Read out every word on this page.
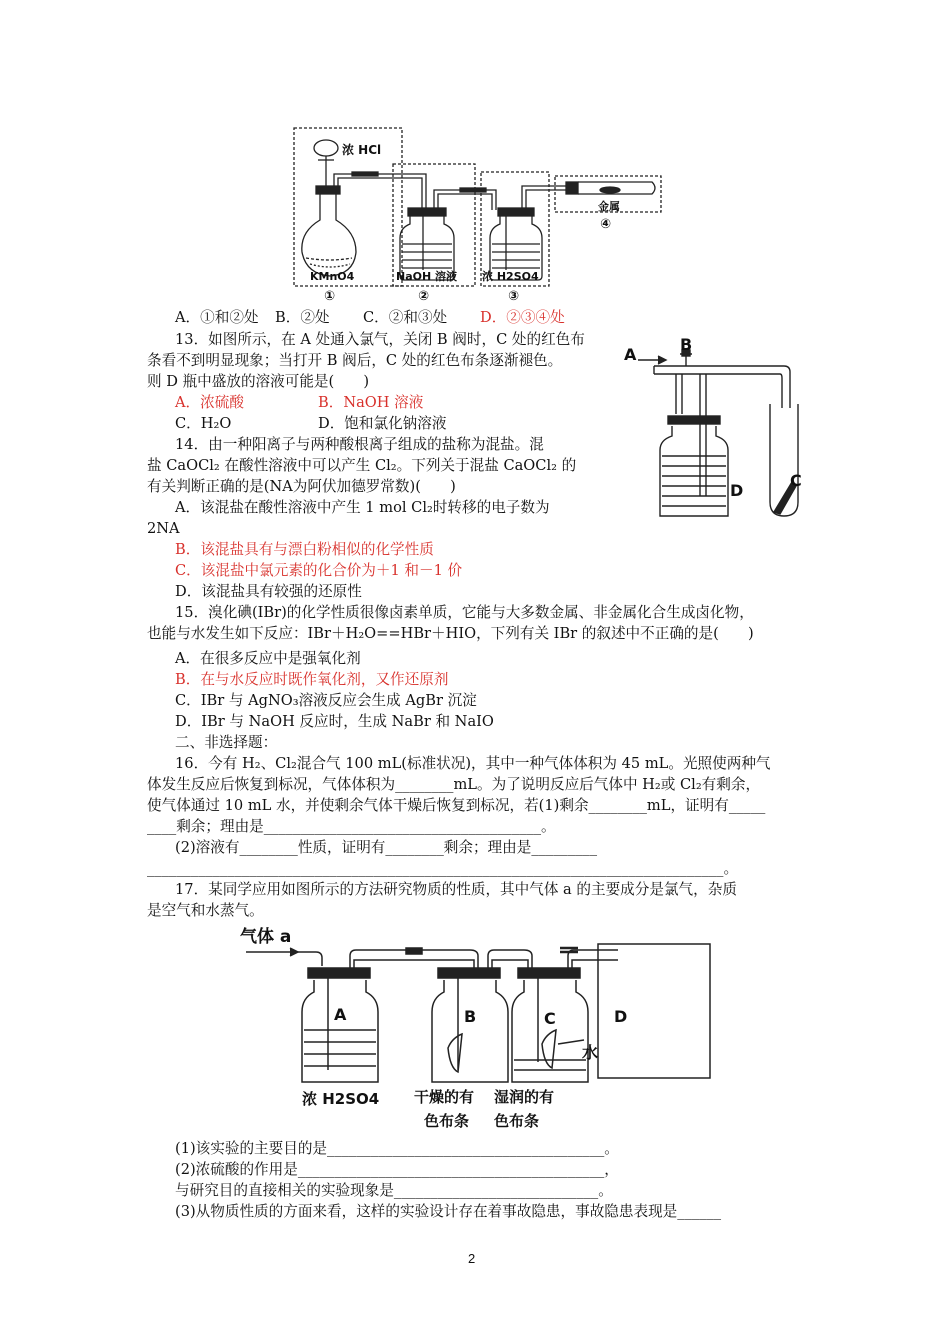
浓 HCl
KMnO4	NaOH 溶液 浓 H2SO4
金属
①	②	③
④
A．①和②处 B．②处 C．②和③处 D．②③④处
13．如图所示，在 A 处通入氯气，关闭 B 阀时，C 处的红色布
条看不到明显现象；当打开 B 阀后，C 处的红色布条逐渐褪色。
则 D 瓶中盛放的溶液可能是(　　)
A．浓硫酸	B．NaOH 溶液
C．H₂O	D．饱和氯化钠溶液
A
B
D
C
14．由一种阳离子与两种酸根离子组成的盐称为混盐。混
盐 CaOCl₂ 在酸性溶液中可以产生 Cl₂。下列关于混盐 CaOCl₂ 的
有关判断正确的是(NA为阿伏加德罗常数)(　　)
A．该混盐在酸性溶液中产生 1 mol Cl₂时转移的电子数为
2NA
B．该混盐具有与漂白粉相似的化学性质
C．该混盐中氯元素的化合价为＋1 和－1 价
D．该混盐具有较强的还原性
15．溴化碘(IBr)的化学性质很像卤素单质，它能与大多数金属、非金属化合生成卤化物，
也能与水发生如下反应：IBr＋H₂O==HBr＋HIO，下列有关 IBr 的叙述中不正确的是(　　)
A．在很多反应中是强氧化剂
B．在与水反应时既作氧化剂，又作还原剂
C．IBr 与 AgNO₃溶液反应会生成 AgBr 沉淀
D．IBr 与 NaOH 反应时，生成 NaBr 和 NaIO
二、非选择题：
16．今有 H₂、Cl₂混合气 100 mL(标准状况)，其中一种气体体积为 45 mL。光照使两种气
体发生反应后恢复到标况，气体体积为________mL。为了说明反应后气体中 H₂或 Cl₂有剩余，
使气体通过 10 mL 水，并使剩余气体干燥后恢复到标况，若(1)剩余________mL，证明有_____
____剩余；理由是______________________________________。
(2)溶液有________性质，证明有________剩余；理由是_________
_______________________________________________________________________________。
17．某同学应用如图所示的方法研究物质的性质，其中气体 a 的主要成分是氯气，杂质
是空气和水蒸气。
气体 a
A	B	C	D
水
浓 H2SO4 干燥的有
色布条
湿润的有
色布条
(1)该实验的主要目的是______________________________________。
(2)浓硫酸的作用是__________________________________________，
与研究目的直接相关的实验现象是____________________________。
(3)从物质性质的方面来看，这样的实验设计存在着事故隐患，事故隐患表现是______
2
